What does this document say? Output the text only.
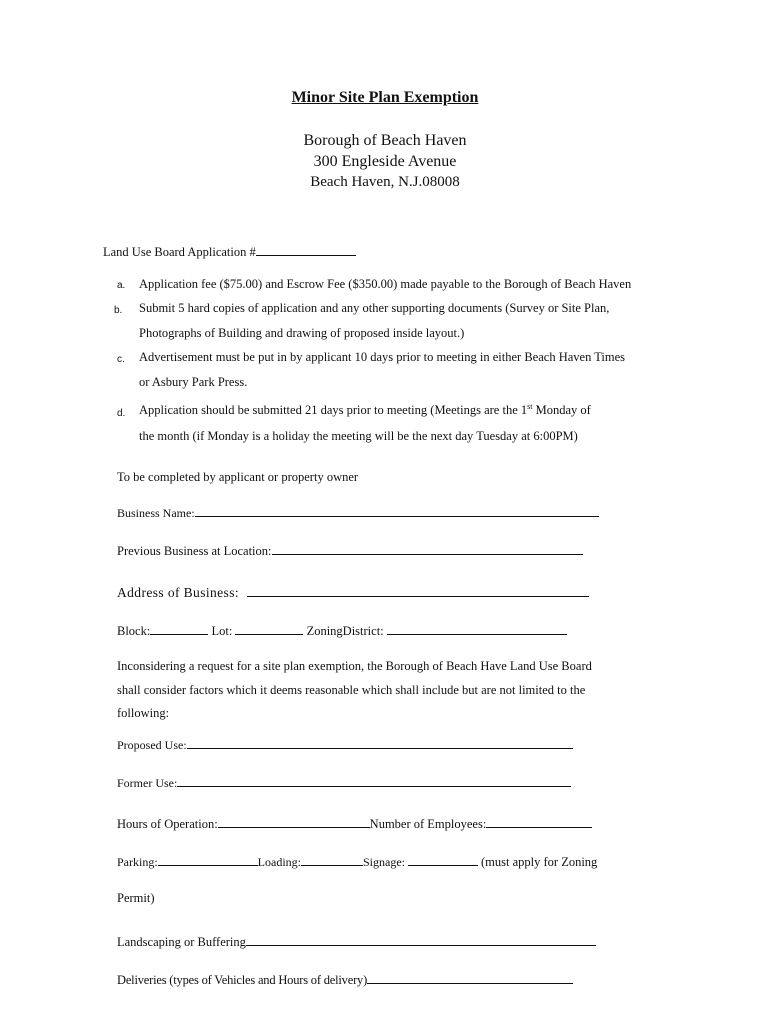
Minor Site Plan Exemption
Borough of Beach Haven
300 Engleside Avenue
Beach Haven, N.J.08008
Land Use Board Application #
a. Application fee ($75.00) and Escrow Fee ($350.00) made payable to the Borough of Beach Haven
b. Submit 5 hard copies of application and any other supporting documents (Survey or Site Plan,
Photographs of Building and drawing of proposed inside layout.)
c. Advertisement must be put in by applicant 10 days prior to meeting in either Beach Haven Times
or Asbury Park Press.
d. Application should be submitted 21 days prior to meeting (Meetings are the 1st Monday of
the month (if Monday is a holiday the meeting will be the next day Tuesday at 6:00PM)
To be completed by applicant or property owner
Business Name:
Previous Business at Location:
Address of Business:
Block:	Lot:	ZoningDistrict:
Inconsidering a request for a site plan exemption, the Borough of Beach Have Land Use Board
shall consider factors which it deems reasonable which shall include but are not limited to the
following:
Proposed Use:
Former Use:
Hours of Operation:	Number of Employees:
Parking:	Loading:	Signage:	(must apply for Zoning
Permit)
Landscaping or Buffering
Deliveries (types of Vehicles and Hours of delivery)
